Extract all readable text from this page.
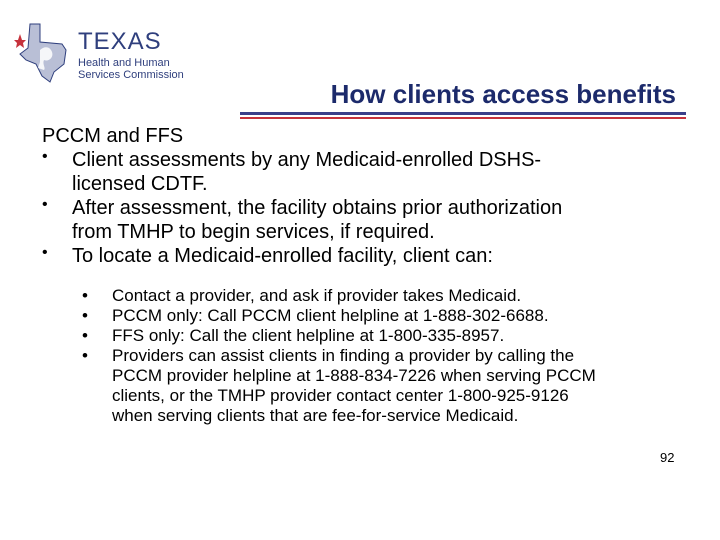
TEXAS
Health and Human
Services Commission
How clients access benefits
PCCM and FFS
• Client assessments by any Medicaid-enrolled DSHS-
licensed CDTF.
• After assessment, the facility obtains prior authorization
from TMHP to begin services, if required.
• To locate a Medicaid-enrolled facility, client can:
• Contact a provider, and ask if provider takes Medicaid.
• PCCM only: Call PCCM client helpline at 1-888-302-6688.
• FFS only: Call the client helpline at 1-800-335-8957.
• Providers can assist clients in finding a provider by calling the
PCCM provider helpline at 1-888-834-7226 when serving PCCM
clients, or the TMHP provider contact center 1-800-925-9126
when serving clients that are fee-for-service Medicaid.
92
